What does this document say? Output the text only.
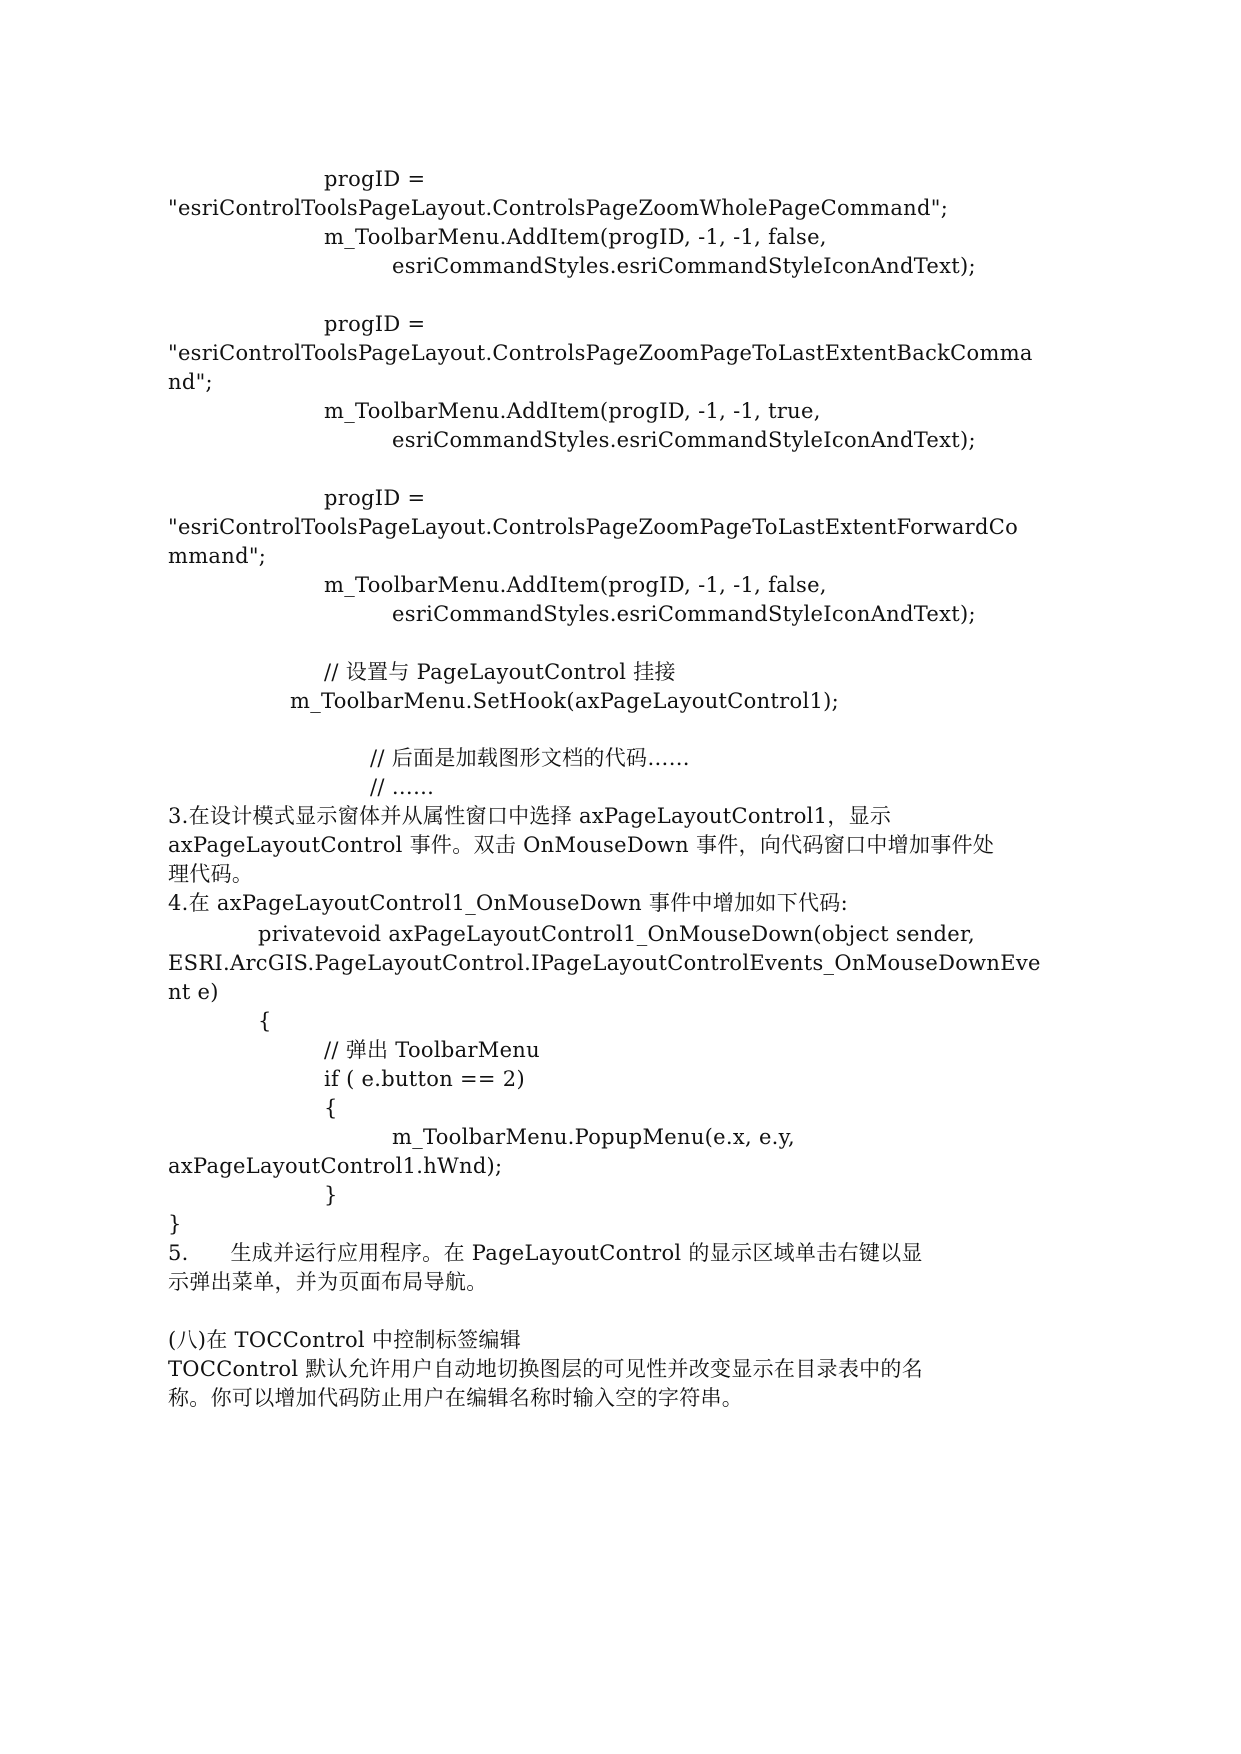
progID =
"esriControlToolsPageLayout.ControlsPageZoomWholePageCommand";
m_ToolbarMenu.AddItem(progID, -1, -1, false,
esriCommandStyles.esriCommandStyleIconAndText);
progID =
"esriControlToolsPageLayout.ControlsPageZoomPageToLastExtentBackComma
nd";
m_ToolbarMenu.AddItem(progID, -1, -1, true,
esriCommandStyles.esriCommandStyleIconAndText);
progID =
"esriControlToolsPageLayout.ControlsPageZoomPageToLastExtentForwardCo
mmand";
m_ToolbarMenu.AddItem(progID, -1, -1, false,
esriCommandStyles.esriCommandStyleIconAndText);
// 设置与 PageLayoutControl 挂接
m_ToolbarMenu.SetHook(axPageLayoutControl1);
// 后面是加载图形文档的代码……
// ……
3.在设计模式显示窗体并从属性窗口中选择 axPageLayoutControl1，显示
axPageLayoutControl 事件。双击 OnMouseDown 事件，向代码窗口中增加事件处
理代码。
4.在 axPageLayoutControl1_OnMouseDown 事件中增加如下代码:
privatevoid axPageLayoutControl1_OnMouseDown(object sender,
ESRI.ArcGIS.PageLayoutControl.IPageLayoutControlEvents_OnMouseDownEve
nt e)
{
// 弹出 ToolbarMenu
if ( e.button == 2)
{
m_ToolbarMenu.PopupMenu(e.x, e.y,
axPageLayoutControl1.hWnd);
}
}
5.      生成并运行应用程序。在 PageLayoutControl 的显示区域单击右键以显
示弹出菜单，并为页面布局导航。
(八)在 TOCControl 中控制标签编辑
TOCControl 默认允许用户自动地切换图层的可见性并改变显示在目录表中的名
称。你可以增加代码防止用户在编辑名称时输入空的字符串。
